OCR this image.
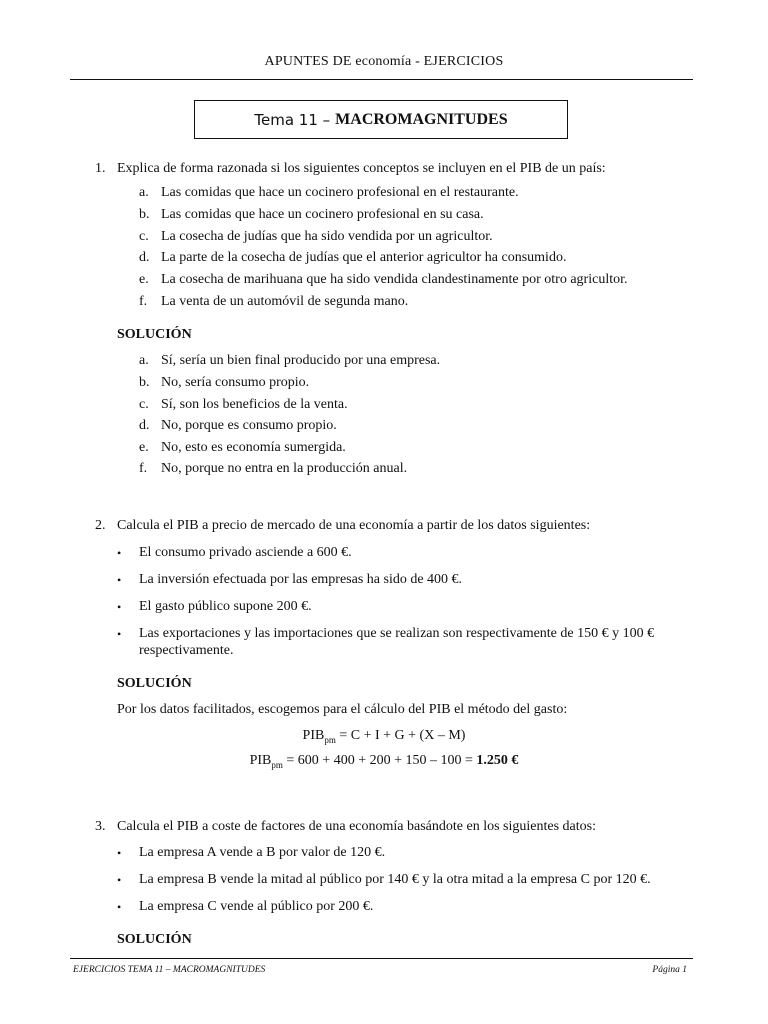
APUNTES DE economía - EJERCICIOS
Tema 11 – MACROMAGNITUDES
1. Explica de forma razonada si los siguientes conceptos se incluyen en el PIB de un país:
a. Las comidas que hace un cocinero profesional en el restaurante.
b. Las comidas que hace un cocinero profesional en su casa.
c. La cosecha de judías que ha sido vendida por un agricultor.
d. La parte de la cosecha de judías que el anterior agricultor ha consumido.
e. La cosecha de marihuana que ha sido vendida clandestinamente por otro agricultor.
f. La venta de un automóvil de segunda mano.
SOLUCIÓN
a. Sí, sería un bien final producido por una empresa.
b. No, sería consumo propio.
c. Sí, son los beneficios de la venta.
d. No, porque es consumo propio.
e. No, esto es economía sumergida.
f. No, porque no entra en la producción anual.
2. Calcula el PIB a precio de mercado de una economía a partir de los datos siguientes:
• El consumo privado asciende a 600 €.
• La inversión efectuada por las empresas ha sido de 400 €.
• El gasto público supone 200 €.
• Las exportaciones y las importaciones que se realizan son respectivamente de 150 € y 100 €
respectivamente.
SOLUCIÓN
Por los datos facilitados, escogemos para el cálculo del PIB el método del gasto:
$PIB_{pm} = C + I + G + (X - M)$
$PIB_{pm} = 600 + 400 + 200 + 150 - 100 = 1.250$ €
3. Calcula el PIB a coste de factores de una economía basándote en los siguientes datos:
• La empresa A vende a B por valor de 120 €.
• La empresa B vende la mitad al público por 140 € y la otra mitad a la empresa C por 120 €.
• La empresa C vende al público por 200 €.
SOLUCIÓN
EJERCICIOS TEMA 11 – MACROMAGNITUDES	Página 1
